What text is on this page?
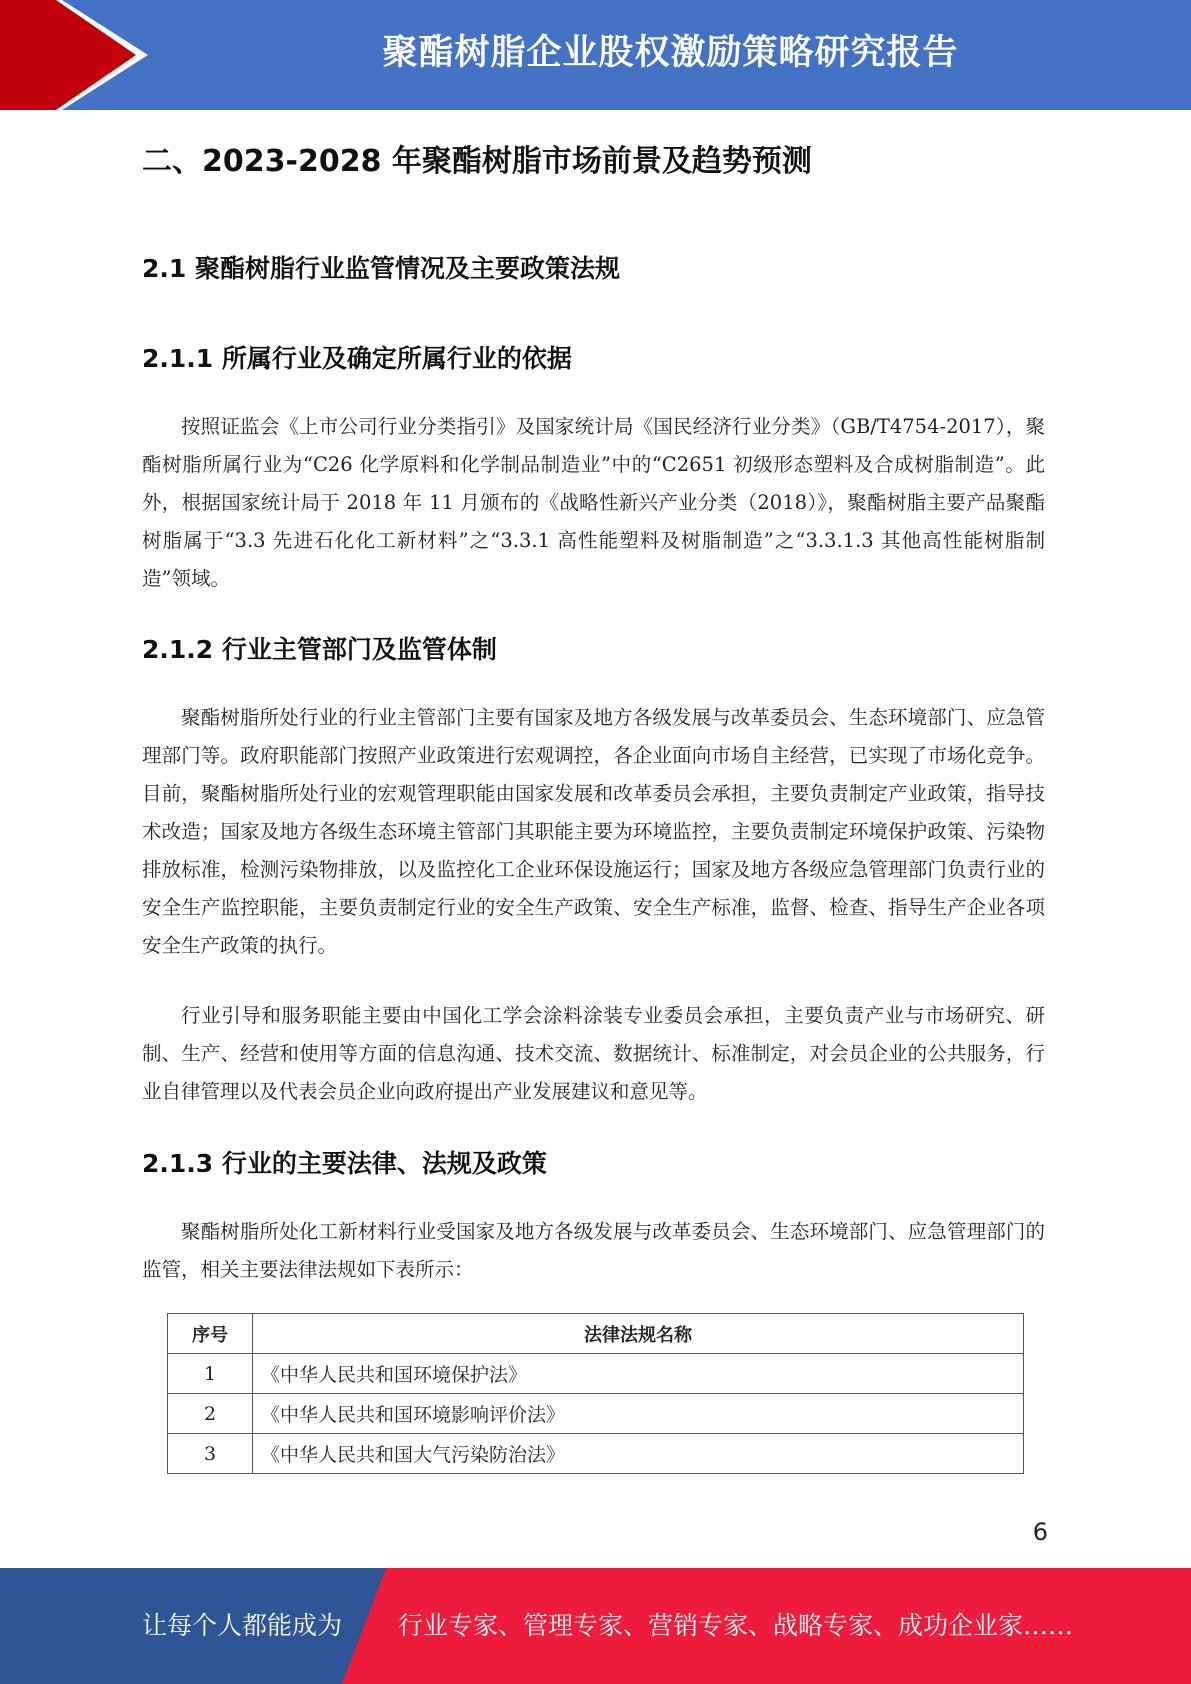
聚酯树脂企业股权激励策略研究报告
二、2023-2028 年聚酯树脂市场前景及趋势预测
2.1 聚酯树脂行业监管情况及主要政策法规
2.1.1 所属行业及确定所属行业的依据

按照证监会《上市公司行业分类指引》及国家统计局《国民经济行业分类》（GB/T4754-2017），聚酯树脂所属行业为“C26 化学原料和化学制品制造业”中的“C2651 初级形态塑料及合成树脂制造”。此外，根据国家统计局于 2018 年 11 月颁布的《战略性新兴产业分类（2018）》，聚酯树脂主要产品聚酯树脂属于“3.3 先进石化化工新材料”之“3.3.1 高性能塑料及树脂制造”之“3.3.1.3 其他高性能树脂制造”领域。

2.1.2 行业主管部门及监管体制

聚酯树脂所处行业的行业主管部门主要有国家及地方各级发展与改革委员会、生态环境部门、应急管理部门等。政府职能部门按照产业政策进行宏观调控，各企业面向市场自主经营，已实现了市场化竞争。目前，聚酯树脂所处行业的宏观管理职能由国家发展和改革委员会承担，主要负责制定产业政策，指导技术改造；国家及地方各级生态环境主管部门其职能主要为环境监控，主要负责制定环境保护政策、污染物排放标准，检测污染物排放，以及监控化工企业环保设施运行；国家及地方各级应急管理部门负责行业的安全生产监控职能，主要负责制定行业的安全生产政策、安全生产标准，监督、检查、指导生产企业各项安全生产政策的执行。

行业引导和服务职能主要由中国化工学会涂料涂装专业委员会承担，主要负责产业与市场研究、研制、生产、经营和使用等方面的信息沟通、技术交流、数据统计、标准制定，对会员企业的公共服务，行业自律管理以及代表会员企业向政府提出产业发展建议和意见等。

2.1.3 行业的主要法律、法规及政策

聚酯树脂所处化工新材料行业受国家及地方各级发展与改革委员会、生态环境部门、应急管理部门的监管，相关主要法律法规如下表所示：

序号	法律法规名称
1	《中华人民共和国环境保护法》
2	《中华人民共和国环境影响评价法》
3	《中华人民共和国大气污染防治法》
6
让每个人都能成为 行业专家、管理专家、营销专家、战略专家、成功企业家……
